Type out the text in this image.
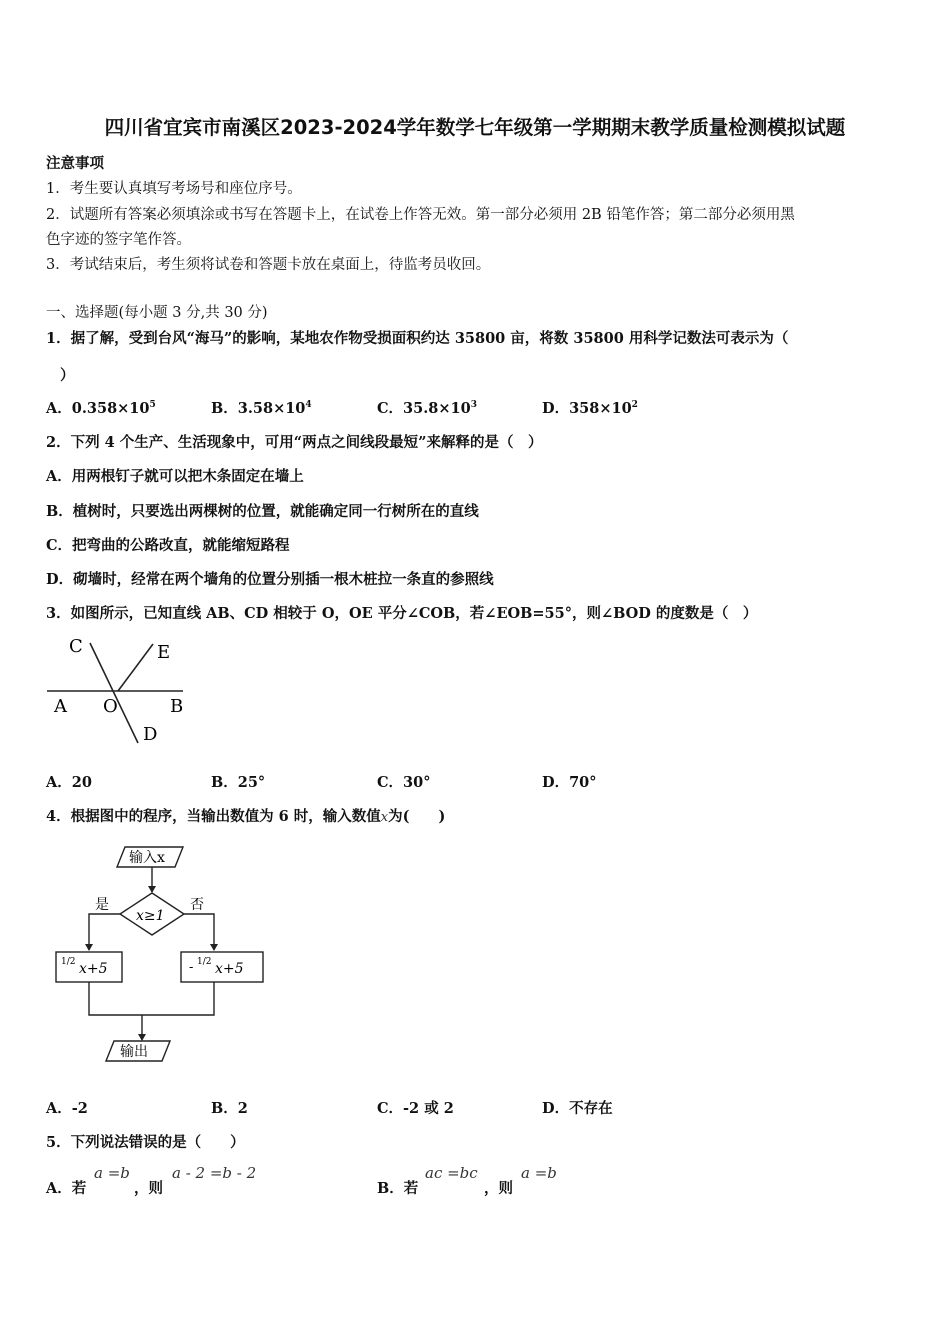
四川省宜宾市南溪区2023-2024学年数学七年级第一学期期末教学质量检测模拟试题
注意事项
1．考生要认真填写考场号和座位序号。
2．试题所有答案必须填涂或书写在答题卡上，在试卷上作答无效。第一部分必须用 2B 铅笔作答；第二部分必须用黑
色字迹的签字笔作答。
3．考试结束后，考生须将试卷和答题卡放在桌面上，待监考员收回。
一、选择题(每小题 3 分,共 30 分)
1．据了解，受到台风“海马”的影响，某地农作物受损面积约达 35800 亩，将数 35800 用科学记数法可表示为（
）
A．$0.358\times 10^5$	B．$3.58\times 10^4$	C．$35.8\times 10^3$	D．$358\times 10^2$
2．下列 4 个生产、生活现象中，可用“两点之间线段最短”来解释的是（　）
A．用两根钉子就可以把木条固定在墙上
B．植树时，只要选出两棵树的位置，就能确定同一行树所在的直线
C．把弯曲的公路改直，就能缩短路程
D．砌墙时，经常在两个墙角的位置分别插一根木桩拉一条直的参照线
3．如图所示，已知直线 AB、CD 相较于 O，OE 平分∠COB，若∠EOB=55°，则∠BOD 的度数是（　）
C	E
A O	B
D
A．20	B．25°	C．30°	D．70°
4．根据图中的程序，当输出数值为 6 时，输入数值x为(　　)
输入x
x≥1
是	否
1/2 x+5	- 1/2 x+5
输出
A．-2	B．2	C．-2 或 2	D．不存在
5．下列说法错误的是（　　）
A．若
a =b
，则
a - 2 =b - 2
B．若
ac =bc
，则
a =b
